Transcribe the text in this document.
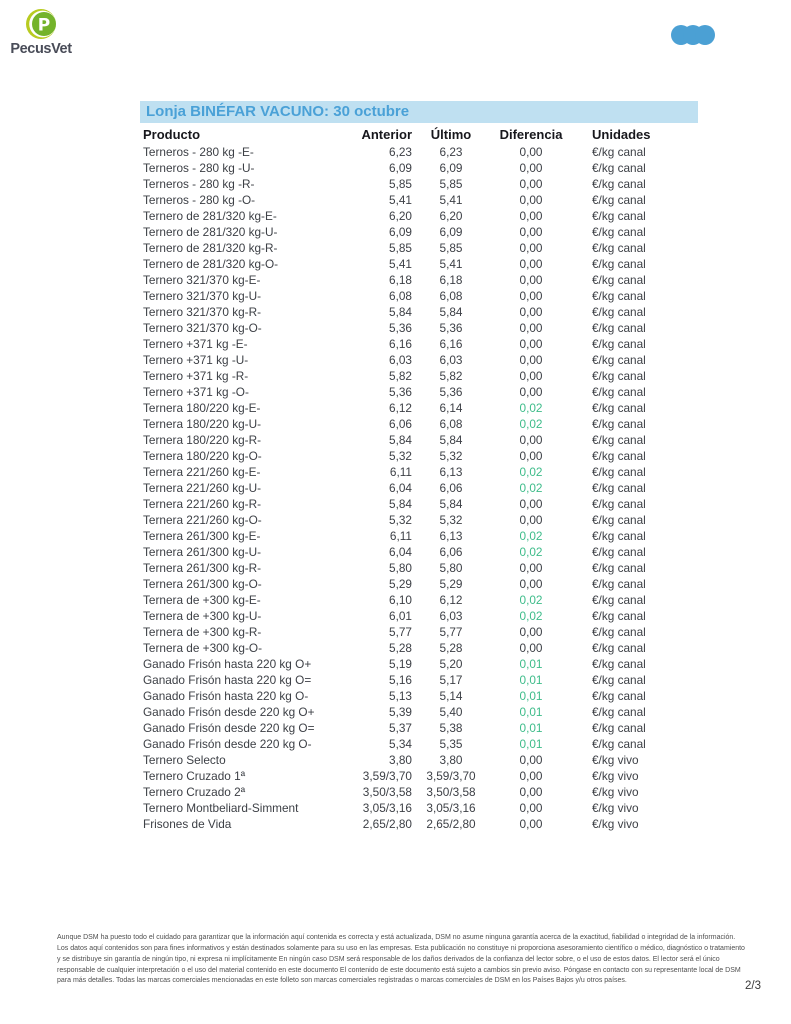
P
PecusVet
Lonja BINÉFAR VACUNO: 30 octubre
Producto	Anterior	Último	Diferencia	Unidades
Terneros - 280 kg -E-	6,23	6,23	0,00	€/kg canal
Terneros - 280 kg -U-	6,09	6,09	0,00	€/kg canal
Terneros - 280 kg -R-	5,85	5,85	0,00	€/kg canal
Terneros - 280 kg -O-	5,41	5,41	0,00	€/kg canal
Ternero de 281/320 kg-E-	6,20	6,20	0,00	€/kg canal
Ternero de 281/320 kg-U-	6,09	6,09	0,00	€/kg canal
Ternero de 281/320 kg-R-	5,85	5,85	0,00	€/kg canal
Ternero de 281/320 kg-O-	5,41	5,41	0,00	€/kg canal
Ternero 321/370 kg-E-	6,18	6,18	0,00	€/kg canal
Ternero 321/370 kg-U-	6,08	6,08	0,00	€/kg canal
Ternero 321/370 kg-R-	5,84	5,84	0,00	€/kg canal
Ternero 321/370 kg-O-	5,36	5,36	0,00	€/kg canal
Ternero +371 kg -E-	6,16	6,16	0,00	€/kg canal
Ternero +371 kg -U-	6,03	6,03	0,00	€/kg canal
Ternero +371 kg -R-	5,82	5,82	0,00	€/kg canal
Ternero +371 kg -O-	5,36	5,36	0,00	€/kg canal
Ternera 180/220 kg-E-	6,12	6,14	0,02	€/kg canal
Ternera 180/220 kg-U-	6,06	6,08	0,02	€/kg canal
Ternera 180/220 kg-R-	5,84	5,84	0,00	€/kg canal
Ternera 180/220 kg-O-	5,32	5,32	0,00	€/kg canal
Ternera 221/260 kg-E-	6,11	6,13	0,02	€/kg canal
Ternera 221/260 kg-U-	6,04	6,06	0,02	€/kg canal
Ternera 221/260 kg-R-	5,84	5,84	0,00	€/kg canal
Ternera 221/260 kg-O-	5,32	5,32	0,00	€/kg canal
Ternera 261/300 kg-E-	6,11	6,13	0,02	€/kg canal
Ternera 261/300 kg-U-	6,04	6,06	0,02	€/kg canal
Ternera 261/300 kg-R-	5,80	5,80	0,00	€/kg canal
Ternera 261/300 kg-O-	5,29	5,29	0,00	€/kg canal
Ternera de +300 kg-E-	6,10	6,12	0,02	€/kg canal
Ternera de +300 kg-U-	6,01	6,03	0,02	€/kg canal
Ternera de +300 kg-R-	5,77	5,77	0,00	€/kg canal
Ternera de +300 kg-O-	5,28	5,28	0,00	€/kg canal
Ganado Frisón hasta 220 kg O+	5,19	5,20	0,01	€/kg canal
Ganado Frisón hasta 220 kg O=	5,16	5,17	0,01	€/kg canal
Ganado Frisón hasta 220 kg O-	5,13	5,14	0,01	€/kg canal
Ganado Frisón desde 220 kg O+	5,39	5,40	0,01	€/kg canal
Ganado Frisón desde 220 kg O=	5,37	5,38	0,01	€/kg canal
Ganado Frisón desde 220 kg O-	5,34	5,35	0,01	€/kg canal
Ternero Selecto	3,80	3,80	0,00	€/kg vivo
Ternero Cruzado 1ª	3,59/3,70	3,59/3,70	0,00	€/kg vivo
Ternero Cruzado 2ª	3,50/3,58	3,50/3,58	0,00	€/kg vivo
Ternero Montbeliard-Simment	3,05/3,16	3,05/3,16	0,00	€/kg vivo
Frisones de Vida	2,65/2,80	2,65/2,80	0,00	€/kg vivo
Aunque DSM ha puesto todo el cuidado para garantizar que la información aquí contenida es correcta y está actualizada, DSM no asume ninguna garantía acerca de la exactitud, fiabilidad o integridad de la información. Los datos aquí contenidos son para fines informativos y están destinados solamente para su uso en las empresas. Esta publicación no constituye ni proporciona asesoramiento científico o médico, diagnóstico o tratamiento y se distribuye sin garantía de ningún tipo, ni expresa ni implícitamente En ningún caso DSM será responsable de los daños derivados de la confianza del lector sobre, o el uso de estos datos. El lector será el único responsable de cualquier interpretación o el uso del material contenido en este documento El contenido de este documento está sujeto a cambios sin previo aviso. Póngase en contacto con su representante local de DSM para más detalles. Todas las marcas comerciales mencionadas en este folleto son marcas comerciales registradas o marcas comerciales de DSM en los Países Bajos y/u otros países.	2/3
